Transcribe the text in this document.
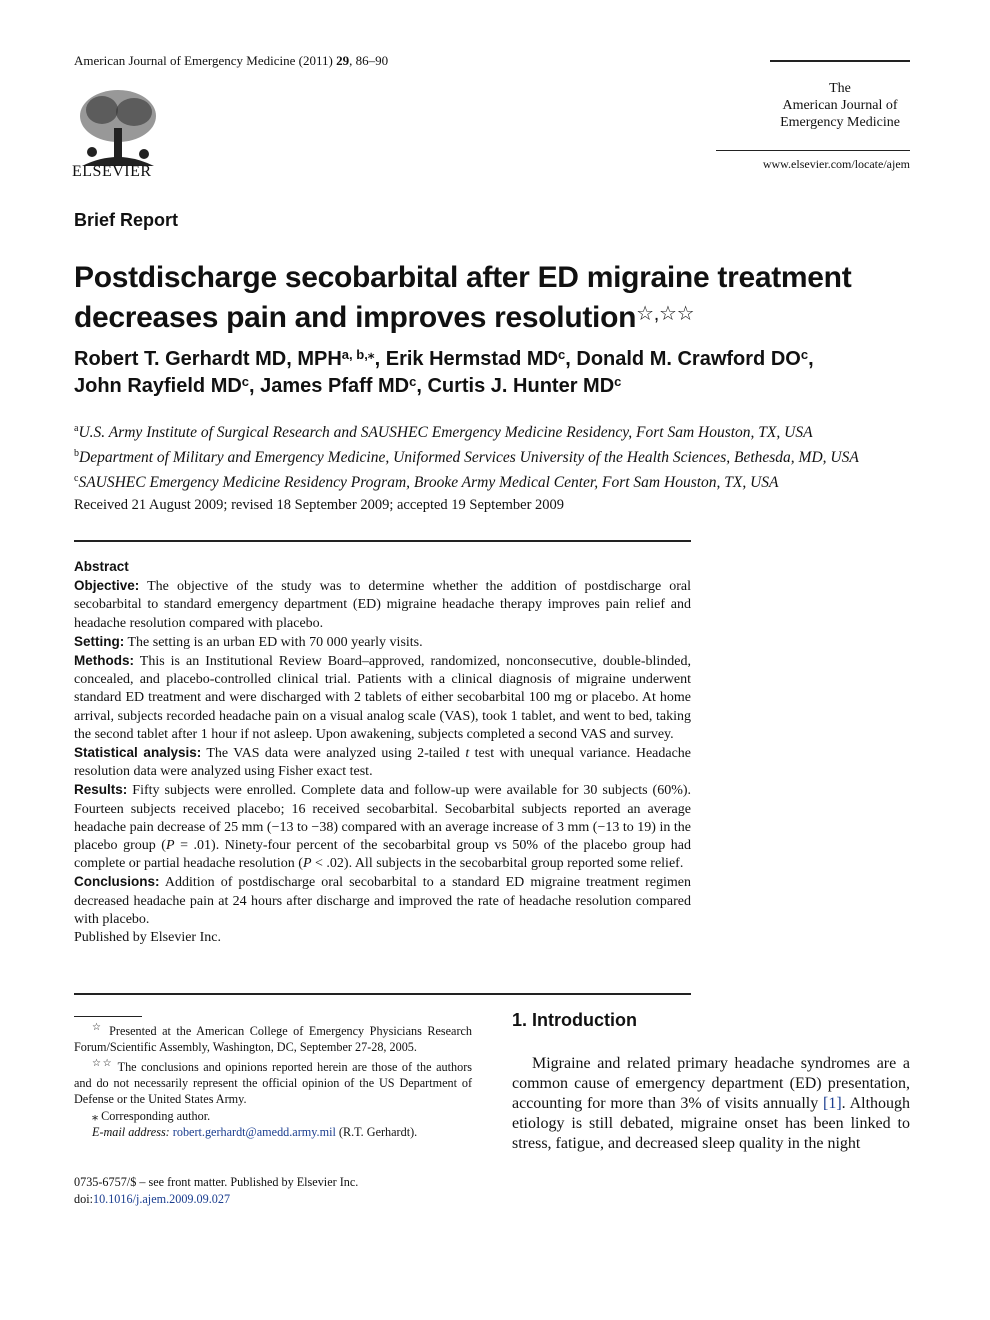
American Journal of Emergency Medicine (2011) 29, 86–90
ELSEVIER
The
American Journal of
Emergency Medicine
www.elsevier.com/locate/ajem
Brief Report
Postdischarge secobarbital after ED migraine treatment
decreases pain and improves resolution☆,☆☆
Robert T. Gerhardt MD, $MPH^{a, b,⁎}$, Erik Hermstad $MD^c$, Donald M. Crawford $DO^c$,
John Rayfield $MD^c$, James Pfaff $MD^c$, Curtis J. Hunter $MD^c$
$^a$U.S. Army Institute of Surgical Research and SAUSHEC Emergency Medicine Residency, Fort Sam Houston, TX, USA
$^b$Department of Military and Emergency Medicine, Uniformed Services University of the Health Sciences, Bethesda, MD, USA
$^c$SAUSHEC Emergency Medicine Residency Program, Brooke Army Medical Center, Fort Sam Houston, TX, USA
Received 21 August 2009; revised 18 September 2009; accepted 19 September 2009

Abstract

Objective: The objective of the study was to determine whether the addition of postdischarge oral secobarbital to standard emergency department (ED) migraine headache therapy improves pain relief and headache resolution compared with placebo.

Setting: The setting is an urban ED with 70 000 yearly visits.

Methods: This is an Institutional Review Board–approved, randomized, nonconsecutive, double-blinded, concealed, and placebo-controlled clinical trial. Patients with a clinical diagnosis of migraine underwent standard ED treatment and were discharged with 2 tablets of either secobarbital 100 mg or placebo. At home arrival, subjects recorded headache pain on a visual analog scale (VAS), took 1 tablet, and went to bed, taking the second tablet after 1 hour if not asleep. Upon awakening, subjects completed a second VAS and survey.

Statistical analysis: The VAS data were analyzed using 2-tailed t test with unequal variance. Headache resolution data were analyzed using Fisher exact test.

Results: Fifty subjects were enrolled. Complete data and follow-up were available for 30 subjects (60%). Fourteen subjects received placebo; 16 received secobarbital. Secobarbital subjects reported an average headache pain decrease of 25 mm (−13 to −38) compared with an average increase of 3 mm (−13 to 19) in the placebo group (P = .01). Ninety-four percent of the secobarbital group vs 50% of the placebo group had complete or partial headache resolution (P < .02). All subjects in the secobarbital group reported some relief.

Conclusions: Addition of postdischarge oral secobarbital to a standard ED migraine treatment regimen decreased headache pain at 24 hours after discharge and improved the rate of headache resolution compared with placebo.

Published by Elsevier Inc.

☆ Presented at the American College of Emergency Physicians Research Forum/Scientific Assembly, Washington, DC, September 27-28, 2005.

☆☆ The conclusions and opinions reported herein are those of the authors and do not necessarily represent the official opinion of the US Department of Defense or the United States Army.

⁎ Corresponding author.

E-mail address: robert.gerhardt@amedd.army.mil (R.T. Gerhardt).

0735-6757/$ – see front matter. Published by Elsevier Inc.
doi:10.1016/j.ajem.2009.09.027
1. Introduction

Migraine and related primary headache syndromes are a common cause of emergency department (ED) presentation, accounting for more than 3% of visits annually [1]. Although etiology is still debated, migraine onset has been linked to stress, fatigue, and decreased sleep quality in the night
